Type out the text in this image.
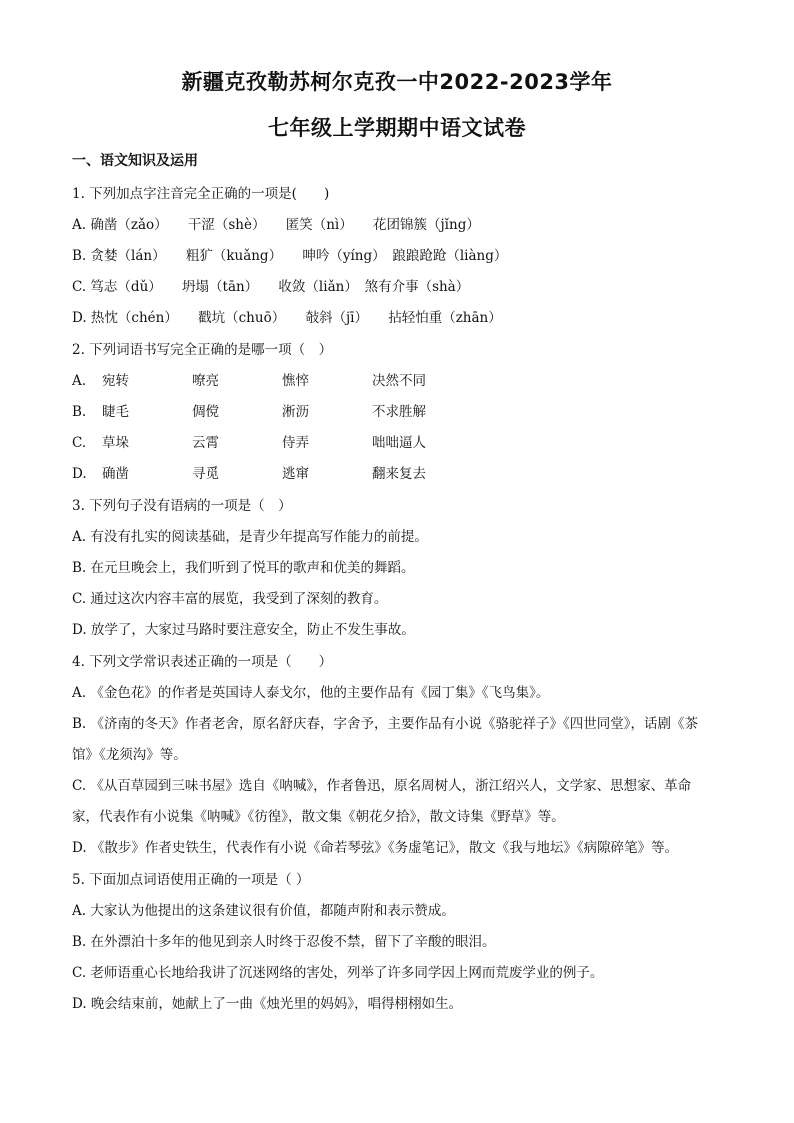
新疆克孜勒苏柯尔克孜一中2022-2023学年
七年级上学期期中语文试卷
一、语文知识及运用
1. 下列加点字注音完全正确的一项是(　　)
A. 确凿（zǎo）　　干涩（shè）　　匿笑（nì）　　花团锦簇（jǐng）
B. 贪婪（lán）　　粗犷（kuǎng）　　呻吟（yíng）　踉踉跄跄（liàng）
C. 笃志（dǔ）　　坍塌（tān）　　收敛（liǎn）　煞有介事（shà）
D. 热忱（chén）　　戳坑（chuō）　　敧斜（jī）　　拈轻怕重（zhān）
2. 下列词语书写完全正确的是哪一项（　）
A. 宛转	嘹亮	憔悴	决然不同
B. 睫毛	倜傥	淅沥	不求胜解
C. 草垛	云霄	侍弄	咄咄逼人
D. 确凿	寻觅	逃窜	翻来复去
3. 下列句子没有语病的一项是（　）
A. 有没有扎实的阅读基础，是青少年提高写作能力的前提。
B. 在元旦晚会上，我们听到了悦耳的歌声和优美的舞蹈。
C. 通过这次内容丰富的展览，我受到了深刻的教育。
D. 放学了，大家过马路时要注意安全，防止不发生事故。
4. 下列文学常识表述正确的一项是（　　）
A. 《金色花》的作者是英国诗人泰戈尔，他的主要作品有《园丁集》《飞鸟集》。
B. 《济南的冬天》作者老舍，原名舒庆春，字舍予，主要作品有小说《骆驼祥子》《四世同堂》，话剧《茶
馆》《龙须沟》等。
C. 《从百草园到三味书屋》选自《呐喊》，作者鲁迅，原名周树人，浙江绍兴人，文学家、思想家、革命
家，代表作有小说集《呐喊》《彷徨》，散文集《朝花夕拾》，散文诗集《野草》等。
D. 《散步》作者史铁生，代表作有小说《命若琴弦》《务虚笔记》，散文《我与地坛》《病隙碎笔》等。
5. 下面加点词语使用正确的一项是（ ）
A. 大家认为他提出的这条建议很有价值，都随声附和表示赞成。
B. 在外漂泊十多年的他见到亲人时终于忍俊不禁，留下了辛酸的眼泪。
C. 老师语重心长地给我讲了沉迷网络的害处，列举了许多同学因上网而荒废学业的例子。
D. 晚会结束前，她献上了一曲《烛光里的妈妈》，唱得栩栩如生。
